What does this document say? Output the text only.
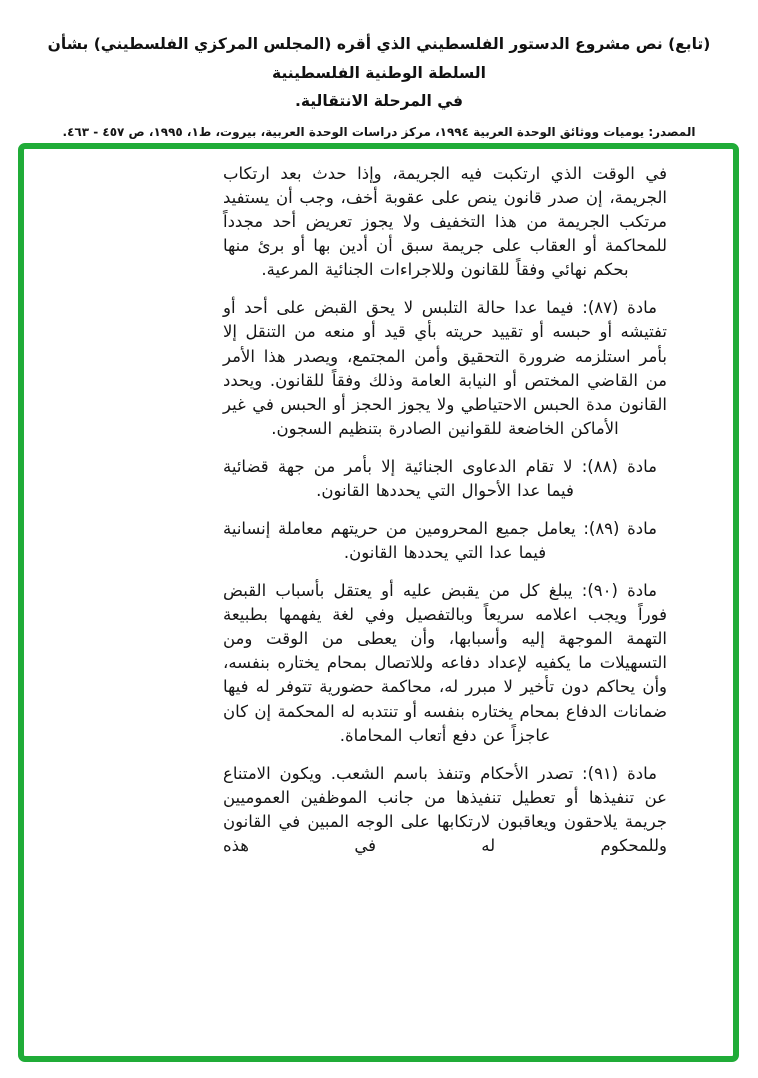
(تابع) نص مشروع الدستور الفلسطيني الذي أقره (المجلس المركزي الفلسطيني) بشأن السلطة الوطنية الفلسطينية
في المرحلة الانتقالية.
المصدر: يوميات ووثائق الوحدة العربية ١٩٩٤، مركز دراسات الوحدة العربية، بيروت، ط١، ١٩٩٥، ص ٤٥٧ - ٤٦٣.

في الوقت الذي ارتكبت فيه الجريمة، وإذا حدث بعد ارتكاب الجريمة، إن صدر قانون ينص على عقوبة أخف، وجب أن يستفيد مرتكب الجريمة من هذا التخفيف ولا يجوز تعريض أحد مجدداً للمحاكمة أو العقاب على جريمة سبق أن أدين بها أو برئ منها بحكم نهائي وفقاً للقانون وللاجراءات الجنائية المرعية.

مادة (٨٧): فيما عدا حالة التلبس لا يحق القبض على أحد أو تفتيشه أو حبسه أو تقييد حريته بأي قيد أو منعه من التنقل إلا بأمر استلزمه ضرورة التحقيق وأمن المجتمع، ويصدر هذا الأمر من القاضي المختص أو النيابة العامة وذلك وفقاً للقانون. ويحدد القانون مدة الحبس الاحتياطي ولا يجوز الحجز أو الحبس في غير الأماكن الخاضعة للقوانين الصادرة بتنظيم السجون.

مادة (٨٨): لا تقام الدعاوى الجنائية إلا بأمر من جهة قضائية فيما عدا الأحوال التي يحددها القانون.

مادة (٨٩): يعامل جميع المحرومين من حريتهم معاملة إنسانية فيما عدا التي يحددها القانون.

مادة (٩٠): يبلغ كل من يقبض عليه أو يعتقل بأسباب القبض فوراً ويجب اعلامه سريعاً وبالتفصيل وفي لغة يفهمها بطبيعة التهمة الموجهة إليه وأسبابها، وأن يعطى من الوقت ومن التسهيلات ما يكفيه لإعداد دفاعه وللاتصال بمحام يختاره بنفسه، وأن يحاكم دون تأخير لا مبرر له، محاكمة حضورية تتوفر له فيها ضمانات الدفاع بمحام يختاره بنفسه أو تنتدبه له المحكمة إن كان عاجزاً عن دفع أتعاب المحاماة.

مادة (٩١): تصدر الأحكام وتنفذ باسم الشعب. ويكون الامتناع عن تنفيذها أو تعطيل تنفيذها من جانب الموظفين العموميين جريمة يلاحقون ويعاقبون لارتكابها على الوجه المبين في القانون وللمحكوم له في هذه
